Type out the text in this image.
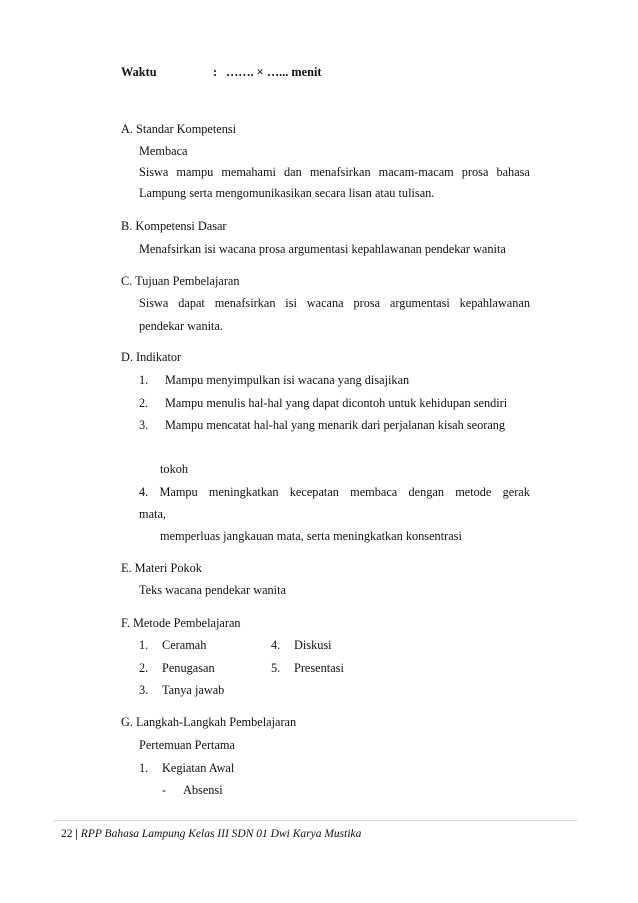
Waktu	: ……. × …... menit
A. Standar Kompetensi
Membaca
Siswa mampu memahami dan menafsirkan macam-macam prosa bahasa
Lampung serta mengomunikasikan secara lisan atau tulisan.
B. Kompetensi Dasar
Menafsirkan isi wacana prosa argumentasi kepahlawanan pendekar wanita
C. Tujuan Pembelajaran
Siswa dapat menafsirkan isi wacana prosa argumentasi kepahlawanan
pendekar wanita.
D. Indikator
1. Mampu menyimpulkan isi wacana yang disajikan
2. Mampu menulis hal-hal yang dapat dicontoh untuk kehidupan sendiri
3. Mampu mencatat hal-hal yang menarik dari perjalanan kisah seorang
tokoh
4. Mampu meningkatkan kecepatan membaca dengan metode gerak
mata,
memperluas jangkauan mata, serta meningkatkan konsentrasi
E. Materi Pokok
Teks wacana pendekar wanita
F. Metode Pembelajaran
1. Ceramah	4. Diskusi
2. Penugasan	5. Presentasi
3. Tanya jawab
G. Langkah-Langkah Pembelajaran
Pertemuan Pertama
1. Kegiatan Awal
- Absensi
22 | RPP Bahasa Lampung Kelas III SDN 01 Dwi Karya Mustika
